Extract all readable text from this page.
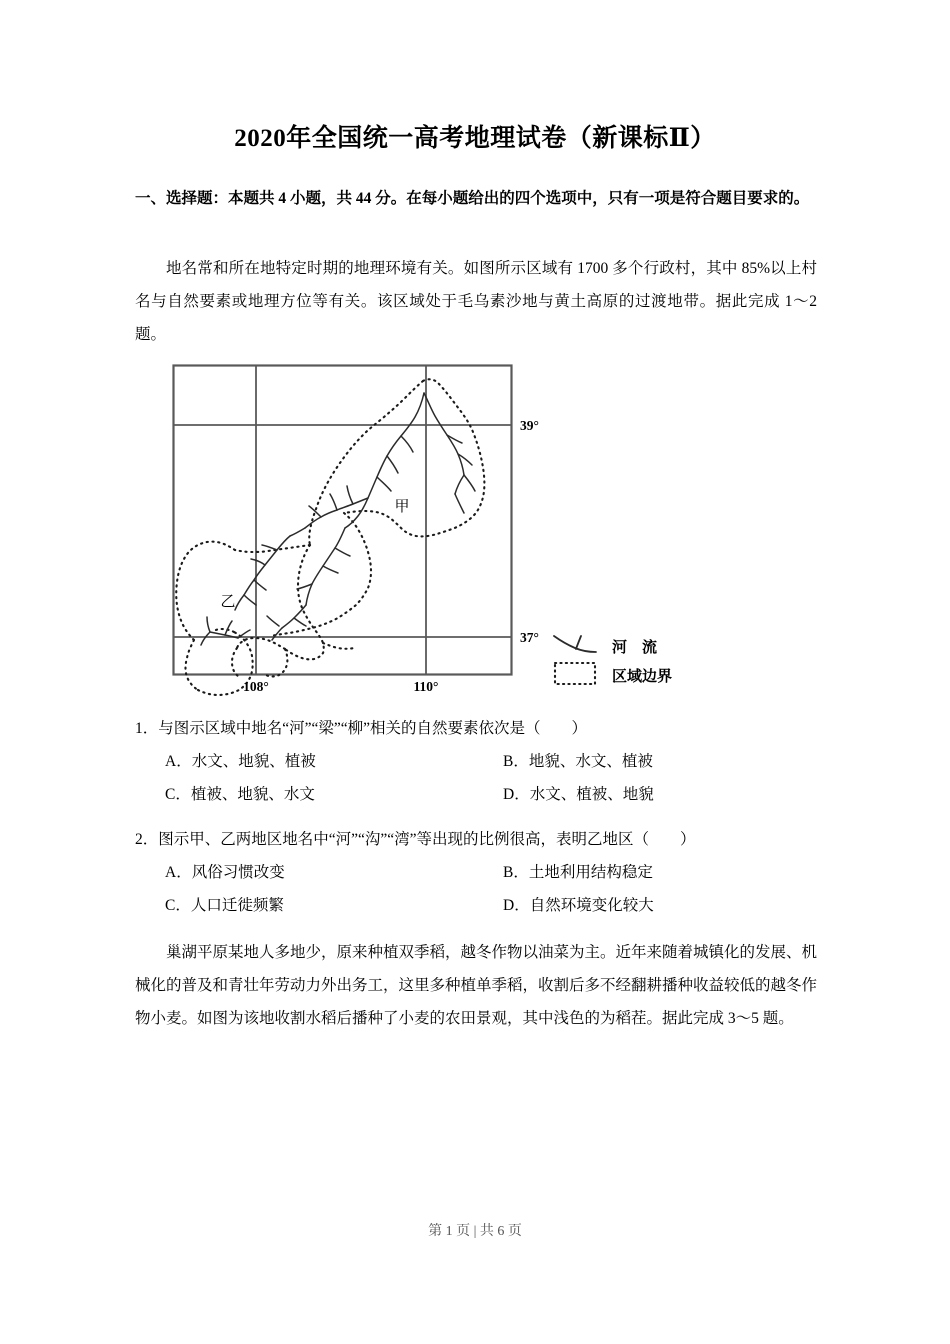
2020年全国统一高考地理试卷（新课标Ⅱ）
一、选择题：本题共 4 小题，共 44 分。在每小题给出的四个选项中，只有一项是符合题目要求的。
地名常和所在地特定时期的地理环境有关。如图所示区域有 1700 多个行政村，其中 85%以上村名与自然要素或地理方位等有关。该区域处于毛乌素沙地与黄土高原的过渡地带。据此完成 1～2 题。
甲
乙
39°
37°
108°	110°
河　流
区域边界
1．与图示区域中地名“河”“梁”“柳”相关的自然要素依次是（　　）
A．水文、地貌、植被	B．地貌、水文、植被
C．植被、地貌、水文	D．水文、植被、地貌
2．图示甲、乙两地区地名中“河”“沟”“湾”等出现的比例很高，表明乙地区（　　）
A．风俗习惯改变	B．土地利用结构稳定
C．人口迁徙频繁	D．自然环境变化较大
巢湖平原某地人多地少，原来种植双季稻，越冬作物以油菜为主。近年来随着城镇化的发展、机械化的普及和青壮年劳动力外出务工，这里多种植单季稻，收割后多不经翻耕播种收益较低的越冬作物小麦。如图为该地收割水稻后播种了小麦的农田景观，其中浅色的为稻茬。据此完成 3～5 题。
第 1 页 | 共 6 页
